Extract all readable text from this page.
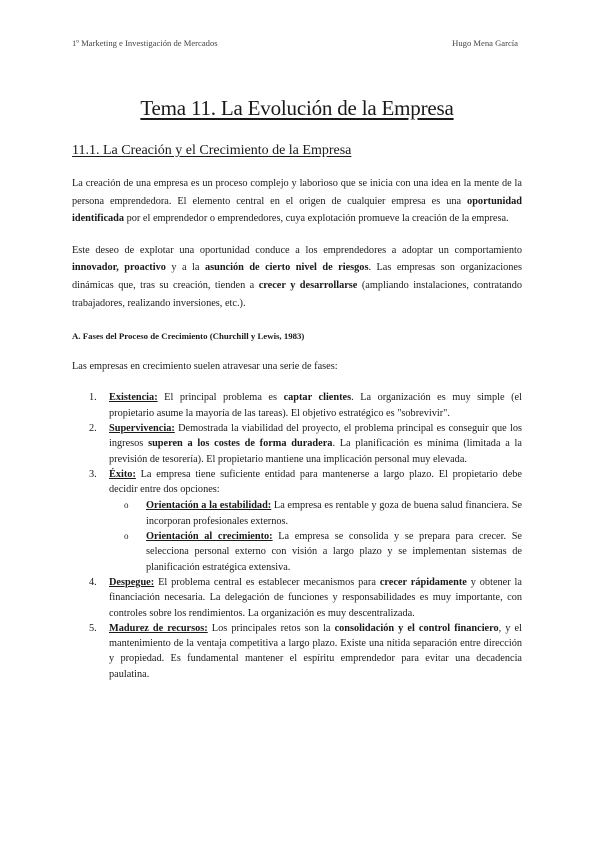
1º Marketing e Investigación de Mercados	Hugo Mena García
Tema 11. La Evolución de la Empresa
11.1. La Creación y el Crecimiento de la Empresa

La creación de una empresa es un proceso complejo y laborioso que se inicia con una idea en la mente de la persona emprendedora. El elemento central en el origen de cualquier empresa es una oportunidad identificada por el emprendedor o emprendedores, cuya explotación promueve la creación de la empresa.

Este deseo de explotar una oportunidad conduce a los emprendedores a adoptar un comportamiento innovador, proactivo y a la asunción de cierto nivel de riesgos. Las empresas son organizaciones dinámicas que, tras su creación, tienden a crecer y desarrollarse (ampliando instalaciones, contratando trabajadores, realizando inversiones, etc.).

A. Fases del Proceso de Crecimiento (Churchill y Lewis, 1983)

Las empresas en crecimiento suelen atravesar una serie de fases:

1. Existencia: El principal problema es captar clientes. La organización es muy simple (el propietario asume la mayoría de las tareas). El objetivo estratégico es "sobrevivir".
2. Supervivencia: Demostrada la viabilidad del proyecto, el problema principal es conseguir que los ingresos superen a los costes de forma duradera. La planificación es mínima (limitada a la previsión de tesorería). El propietario mantiene una implicación personal muy elevada.
3. Éxito: La empresa tiene suficiente entidad para mantenerse a largo plazo. El propietario debe decidir entre dos opciones:
o Orientación a la estabilidad: La empresa es rentable y goza de buena salud financiera. Se incorporan profesionales externos.
o Orientación al crecimiento: La empresa se consolida y se prepara para crecer. Se selecciona personal externo con visión a largo plazo y se implementan sistemas de planificación estratégica extensiva.
4. Despegue: El problema central es establecer mecanismos para crecer rápidamente y obtener la financiación necesaria. La delegación de funciones y responsabilidades es muy importante, con controles sobre los rendimientos. La organización es muy descentralizada.
5. Madurez de recursos: Los principales retos son la consolidación y el control financiero, y el mantenimiento de la ventaja competitiva a largo plazo. Existe una nítida separación entre dirección y propiedad. Es fundamental mantener el espíritu emprendedor para evitar una decadencia paulatina.
